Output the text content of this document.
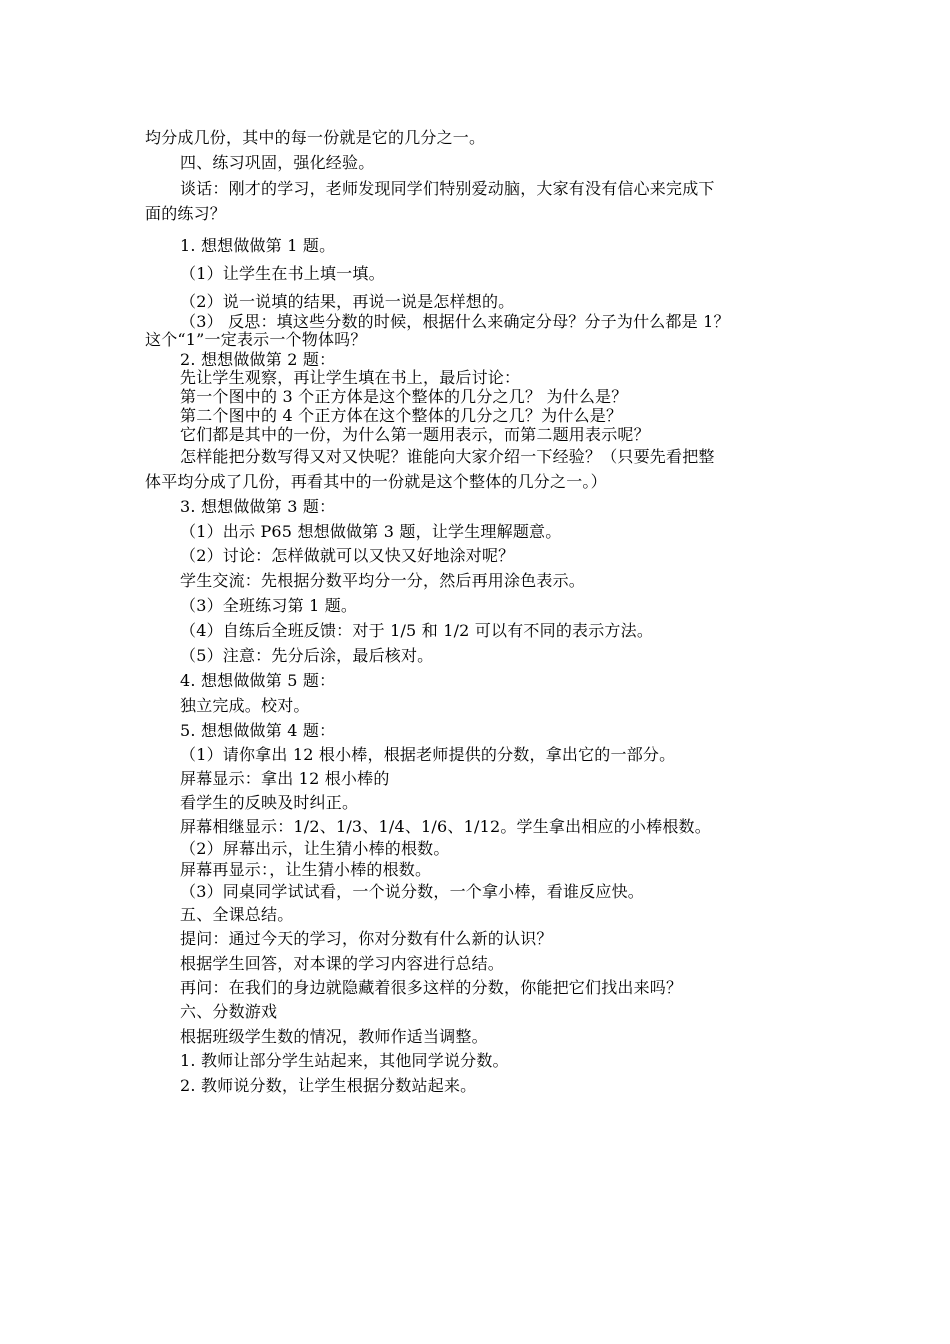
均分成几份，其中的每一份就是它的几分之一。
四、练习巩固，强化经验。
谈话：刚才的学习，老师发现同学们特别爱动脑，大家有没有信心来完成下
面的练习？
1. 想想做做第 1 题。
（1）让学生在书上填一填。
（2）说一说填的结果，再说一说是怎样想的。
（3） 反思：填这些分数的时候，根据什么来确定分母？分子为什么都是 1？
这个“1”一定表示一个物体吗？
2. 想想做做第 2 题：
先让学生观察，再让学生填在书上，最后讨论：
第一个图中的 3 个正方体是这个整体的几分之几？ 为什么是？
第二个图中的 4 个正方体在这个整体的几分之几？为什么是？
它们都是其中的一份，为什么第一题用表示，而第二题用表示呢？
怎样能把分数写得又对又快呢？谁能向大家介绍一下经验？（只要先看把整
体平均分成了几份，再看其中的一份就是这个整体的几分之一。）
3. 想想做做第 3 题：
（1）出示 P65 想想做做第 3 题，让学生理解题意。
（2）讨论：怎样做就可以又快又好地涂对呢？
学生交流：先根据分数平均分一分，然后再用涂色表示。
（3）全班练习第 1 题。
（4）自练后全班反馈：对于 1/5 和 1/2 可以有不同的表示方法。
（5）注意：先分后涂，最后核对。
4. 想想做做第 5 题：
独立完成。校对。
5. 想想做做第 4 题：
（1）请你拿出 12 根小棒，根据老师提供的分数，拿出它的一部分。
屏幕显示：拿出 12 根小棒的
看学生的反映及时纠正。
屏幕相继显示：1/2、1/3、1/4、1/6、1/12。学生拿出相应的小棒根数。
（2）屏幕出示，让生猜小棒的根数。
屏幕再显示：，让生猜小棒的根数。
（3）同桌同学试试看，一个说分数，一个拿小棒，看谁反应快。
五、全课总结。
提问：通过今天的学习，你对分数有什么新的认识？
根据学生回答，对本课的学习内容进行总结。
再问：在我们的身边就隐藏着很多这样的分数，你能把它们找出来吗？
六、分数游戏
根据班级学生数的情况，教师作适当调整。
1. 教师让部分学生站起来，其他同学说分数。
2. 教师说分数，让学生根据分数站起来。
